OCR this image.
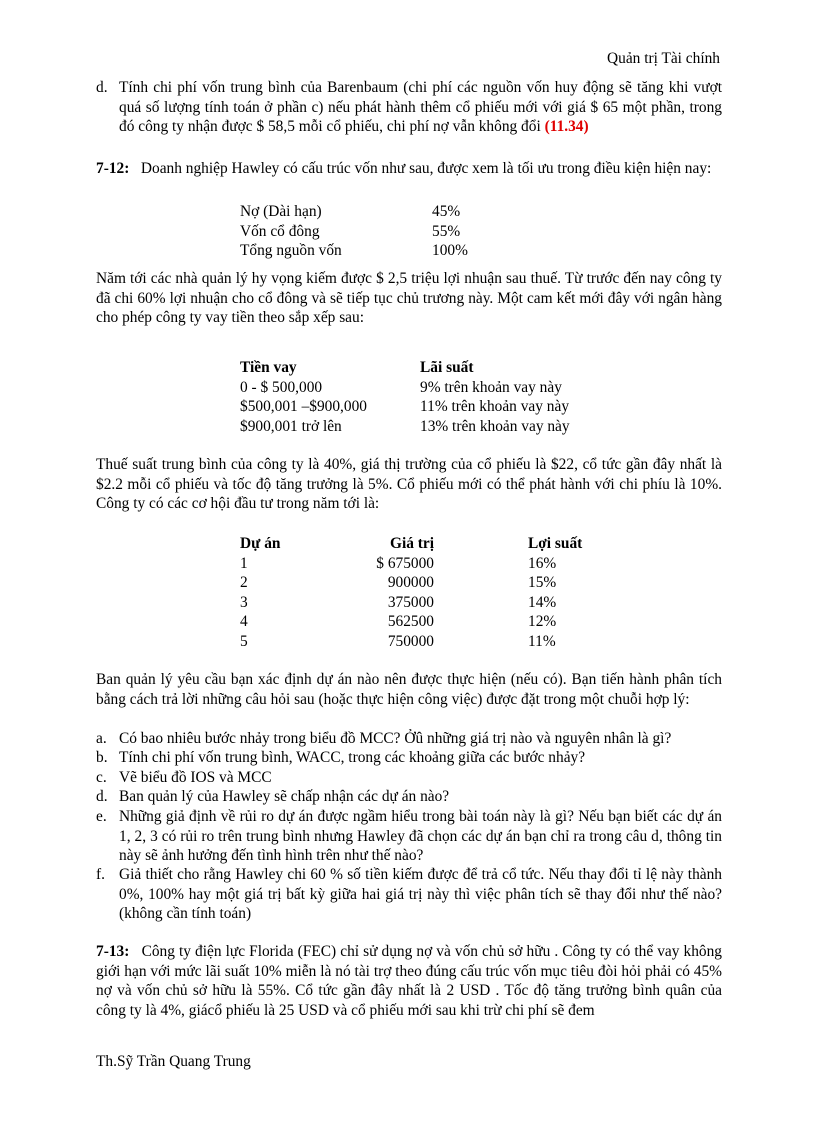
Quản trị Tài chính
d. Tính chi phí vốn trung bình của Barenbaum (chi phí các nguồn vốn huy động sẽ tăng khi vượt quá số lượng tính toán ở phần c) nếu phát hành thêm cổ phiếu mới với giá $ 65 một phần, trong đó công ty nhận được $ 58,5 mỗi cổ phiếu, chi phí nợ vẫn không đổi (11.34)
7-12: Doanh nghiệp Hawley có cấu trúc vốn như sau, được xem là tối ưu trong điều kiện hiện nay:
Nợ (Dài hạn)	45%
Vốn cổ đông	55%
Tổng nguồn vốn	100%
Năm tới các nhà quản lý hy vọng kiếm được $ 2,5 triệu lợi nhuận sau thuế. Từ trước đến nay công ty đã chi 60% lợi nhuận cho cổ đông và sẽ tiếp tục chủ trương này. Một cam kết mới đây với ngân hàng cho phép công ty vay tiền theo sắp xếp sau:
Tiền vay	Lãi suất
0 - $ 500,000	9% trên khoản vay này
$500,001 –$900,000	11% trên khoản vay này
$900,001 trở lên	13% trên khoản vay này
Thuế suất trung bình của công ty là 40%, giá thị trường của cổ phiếu là $22, cổ tức gần đây nhất là $2.2 mỗi cổ phiếu và tốc độ tăng trưởng là 5%. Cổ phiếu mới có thể phát hành với chi phíu là 10%. Công ty có các cơ hội đầu tư trong năm tới là:
Dự án	Giá trị	Lợi suất
1	$ 675000	16%
2	900000	15%
3	375000	14%
4	562500	12%
5	750000	11%
Ban quản lý yêu cầu bạn xác định dự án nào nên được thực hiện (nếu có). Bạn tiến hành phân tích bằng cách trả lời những câu hỏi sau (hoặc thực hiện công việc) được đặt trong một chuỗi hợp lý:
a. Có bao nhiêu bước nhảy trong biểu đồ MCC? Ởû những giá trị nào và nguyên nhân là gì?
b. Tính chi phí vốn trung bình, WACC, trong các khoảng giữa các bước nhảy?
c. Vẽ biểu đồ IOS và MCC
d. Ban quản lý của Hawley sẽ chấp nhận các dự án nào?
e. Những giả định về rủi ro dự án được ngầm hiểu trong bài toán này là gì? Nếu bạn biết các dự án 1, 2, 3 có rủi ro trên trung bình nhưng Hawley đã chọn các dự án bạn chỉ ra trong câu d, thông tin này sẽ ảnh hưởng đến tình hình trên như thế nào?
f. Giả thiết cho rằng Hawley chi 60 % số tiền kiếm được để trả cổ tức. Nếu thay đổi tỉ lệ này thành 0%, 100% hay một giá trị bất kỳ giữa hai giá trị này thì việc phân tích sẽ thay đổi như thế nào? (không cần tính toán)
7-13: Công ty điện lực Florida (FEC) chỉ sử dụng nợ và vốn chủ sở hữu . Công ty có thể vay không giới hạn với mức lãi suất 10% miễn là nó tài trợ theo đúng cấu trúc vốn mục tiêu đòi hỏi phải có 45% nợ và vốn chủ sở hữu là 55%. Cổ tức gần đây nhất là 2 USD . Tốc độ tăng trưởng bình quân của công ty là 4%, giácổ phiếu là 25 USD và cổ phiếu mới sau khi trừ chi phí sẽ đem
Th.Sỹ Trần Quang Trung
